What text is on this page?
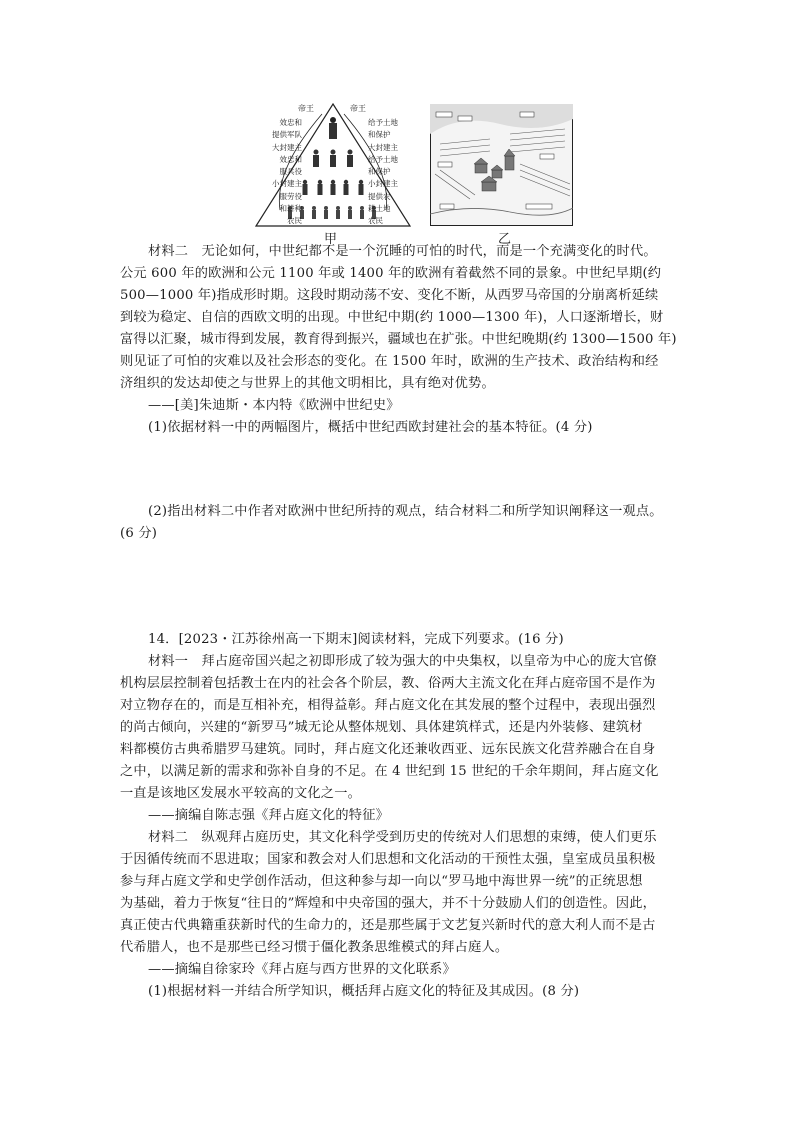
帝王	帝王
效忠和
提供军队
大封建主
效忠和
服兵役
小封建主
服劳役
和耕种
农民
给予土地
和保护
大封建主
给予土地
和保护
小封建主
提供农
耕土地
农民
甲	乙
材料二　无论如何，中世纪都不是一个沉睡的可怕的时代，而是一个充满变化的时代。
公元 600 年的欧洲和公元 1100 年或 1400 年的欧洲有着截然不同的景象。中世纪早期(约
500—1000 年)指成形时期。这段时期动荡不安、变化不断，从西罗马帝国的分崩离析延续
到较为稳定、自信的西欧文明的出现。中世纪中期(约 1000—1300 年)，人口逐渐增长，财
富得以汇聚，城市得到发展，教育得到振兴，疆域也在扩张。中世纪晚期(约 1300—1500 年)
则见证了可怕的灾难以及社会形态的变化。在 1500 年时，欧洲的生产技术、政治结构和经
济组织的发达却使之与世界上的其他文明相比，具有绝对优势。
——[美]朱迪斯・本内特《欧洲中世纪史》
(1)依据材料一中的两幅图片，概括中世纪西欧封建社会的基本特征。(4 分)
(2)指出材料二中作者对欧洲中世纪所持的观点，结合材料二和所学知识阐释这一观点。
(6 分)
14．[2023・江苏徐州高一下期末]阅读材料，完成下列要求。(16 分)
材料一　拜占庭帝国兴起之初即形成了较为强大的中央集权，以皇帝为中心的庞大官僚
机构层层控制着包括教士在内的社会各个阶层，教、俗两大主流文化在拜占庭帝国不是作为
对立物存在的，而是互相补充，相得益彰。拜占庭文化在其发展的整个过程中，表现出强烈
的尚古倾向，兴建的“新罗马”城无论从整体规划、具体建筑样式，还是内外装修、建筑材
料都模仿古典希腊罗马建筑。同时，拜占庭文化还兼收西亚、远东民族文化营养融合在自身
之中，以满足新的需求和弥补自身的不足。在 4 世纪到 15 世纪的千余年期间，拜占庭文化
一直是该地区发展水平较高的文化之一。
——摘编自陈志强《拜占庭文化的特征》
材料二　纵观拜占庭历史，其文化科学受到历史的传统对人们思想的束缚，使人们更乐
于因循传统而不思进取；国家和教会对人们思想和文化活动的干预性太强，皇室成员虽积极
参与拜占庭文学和史学创作活动，但这种参与却一向以“罗马地中海世界一统”的正统思想
为基础，着力于恢复“往日的”辉煌和中央帝国的强大，并不十分鼓励人们的创造性。因此，
真正使古代典籍重获新时代的生命力的，还是那些属于文艺复兴新时代的意大利人而不是古
代希腊人，也不是那些已经习惯于僵化教条思维模式的拜占庭人。
——摘编自徐家玲《拜占庭与西方世界的文化联系》
(1)根据材料一并结合所学知识，概括拜占庭文化的特征及其成因。(8 分)
